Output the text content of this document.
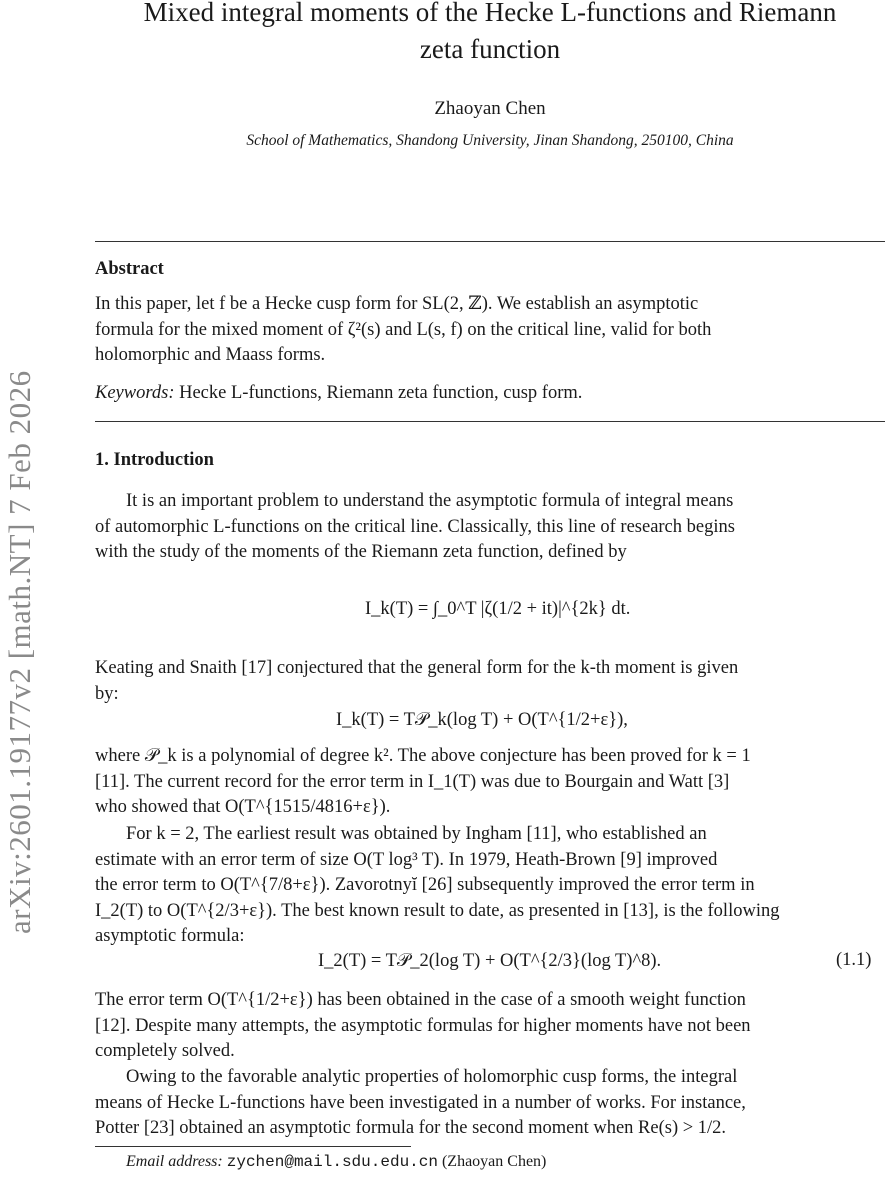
arXiv:2601.19177v2 [math.NT] 7 Feb 2026
Mixed integral moments of the Hecke L-functions and Riemann
zeta function
Zhaoyan Chen
School of Mathematics, Shandong University, Jinan Shandong, 250100, China
Abstract
In this paper, let f be a Hecke cusp form for SL(2, ℤ). We establish an asymptotic
formula for the mixed moment of ζ²(s) and L(s, f) on the critical line, valid for both
holomorphic and Maass forms.
Keywords: Hecke L-functions, Riemann zeta function, cusp form.
1. Introduction
It is an important problem to understand the asymptotic formula of integral means
of automorphic L-functions on the critical line. Classically, this line of research begins
with the study of the moments of the Riemann zeta function, defined by
I_k(T) = ∫_0^T |ζ(1/2 + it)|^{2k} dt.
Keating and Snaith [17] conjectured that the general form for the k-th moment is given
by:
I_k(T) = T𝒫_k(log T) + O(T^{1/2+ε}),
where 𝒫_k is a polynomial of degree k². The above conjecture has been proved for k = 1
[11]. The current record for the error term in I_1(T) was due to Bourgain and Watt [3]
who showed that O(T^{1515/4816+ε}).
For k = 2, The earliest result was obtained by Ingham [11], who established an
estimate with an error term of size O(T log³ T). In 1979, Heath-Brown [9] improved
the error term to O(T^{7/8+ε}). Zavorotnyĭ [26] subsequently improved the error term in
I_2(T) to O(T^{2/3+ε}). The best known result to date, as presented in [13], is the following
asymptotic formula:
I_2(T) = T𝒫_2(log T) + O(T^{2/3}(log T)^8).	(1.1)
The error term O(T^{1/2+ε}) has been obtained in the case of a smooth weight function
[12]. Despite many attempts, the asymptotic formulas for higher moments have not been
completely solved.
Owing to the favorable analytic properties of holomorphic cusp forms, the integral
means of Hecke L-functions have been investigated in a number of works. For instance,
Potter [23] obtained an asymptotic formula for the second moment when Re(s) > 1/2.
Email address: zychen@mail.sdu.edu.cn (Zhaoyan Chen)
